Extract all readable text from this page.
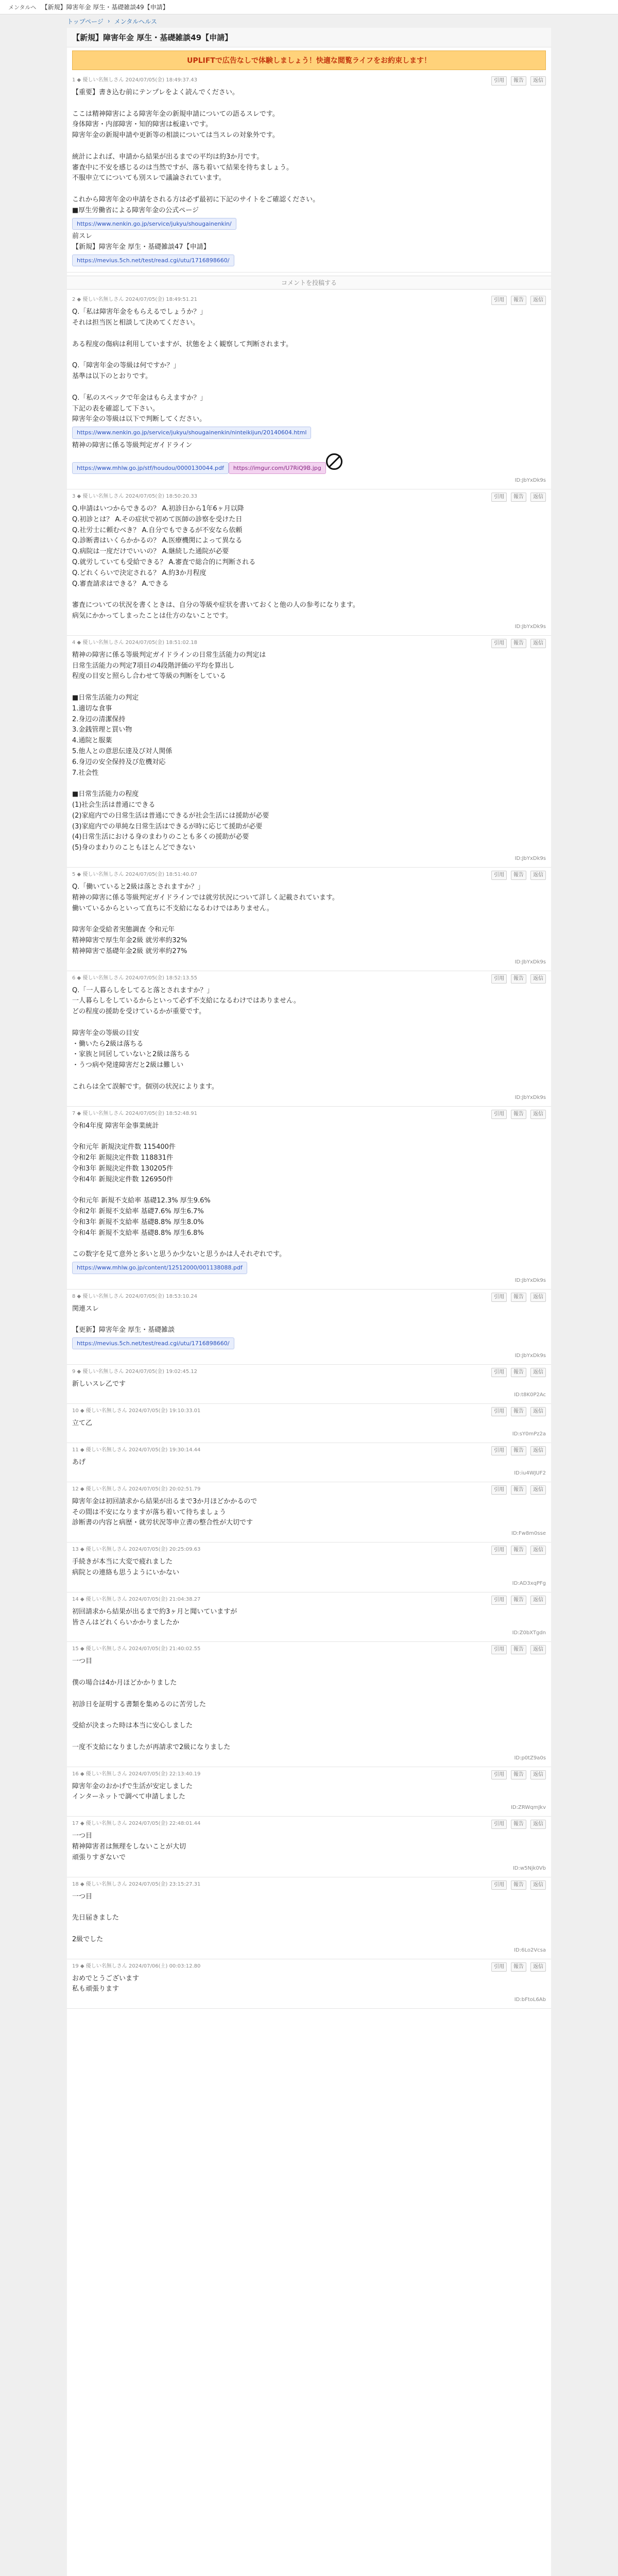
メンタルヘ 【新規】障害年金 厚生・基礎雑談49【申請】
トップページ › メンタルヘルス
【新規】障害年金 厚生・基礎雑談49【申請】
UPLIFTで広告なしで体験しましょう！快適な閲覧ライフをお約束します！
1 ◆ 優しい名無しさん 2024/07/05(金) 18:49:37.43	引用	報告	返信
【重要】書き込む前にテンプレをよく読んでください。

ここは精神障害による障害年金の新規申請についての語るスレです。
身体障害・内部障害・知的障害は板違いです。
障害年金の新規申請や更新等の相談については当スレの対象外です。

統計によれば、申請から結果が出るまでの平均は約3か月です。
審査中に不安を感じるのは当然ですが、落ち着いて結果を待ちましょう。
不服申立てについても別スレで議論されています。

これから障害年金の申請をされる方は必ず最初に下記のサイトをご確認ください。
■厚生労働省による障害年金の公式ページ
https://www.nenkin.go.jp/service/jukyu/shougainenkin/
前スレ
【新規】障害年金 厚生・基礎雑談47【申請】
https://mevius.5ch.net/test/read.cgi/utu/1716898660/
コメントを投稿する
2 ◆ 優しい名無しさん 2024/07/05(金) 18:49:51.21	引用	報告	返信
Q.「私は障害年金をもらえるでしょうか？」
それは担当医と相談して決めてください。

ある程度の傷病は利用していますが、状態をよく観察して判断されます。

Q.「障害年金の等級は何ですか？」
基準は以下のとおりです。

Q.「私のスペックで年金はもらえますか？」
下記の表を確認して下さい。
障害年金の等級は以下で判断してください。
https://www.nenkin.go.jp/service/jukyu/shougainenkin/ninteikijun/20140604.html
精神の障害に係る等級判定ガイドライン
https://www.mhlw.go.jp/stf/houdou/0000130044.pdf https://imgur.com/U7RiQ9B.jpg
ID:JbYxDk9s
3 ◆ 優しい名無しさん 2024/07/05(金) 18:50:20.33	引用	報告	返信
Q.申請はいつからできるの？ A.初診日から1年6ヶ月以降
Q.初診とは？ A.その症状で初めて医師の診察を受けた日
Q.社労士に頼むべき？ A.自分でもできるが不安なら依頼
Q.診断書はいくらかかるの？ A.医療機関によって異なる
Q.病院は一度だけでいいの？ A.継続した通院が必要
Q.就労していても受給できる？ A.審査で総合的に判断される
Q.どれくらいで決定される？ A.約3か月程度
Q.審査請求はできる？ A.できる

審査についての状況を書くときは、自分の等級や症状を書いておくと他の人の参考になります。
病気にかかってしまったことは仕方のないことです。
ID:JbYxDk9s
4 ◆ 優しい名無しさん 2024/07/05(金) 18:51:02.18	引用	報告	返信
精神の障害に係る等級判定ガイドラインの日常生活能力の判定は
日常生活能力の判定7項目の4段階評価の平均を算出し
程度の目安と照らし合わせて等級の判断をしている

■日常生活能力の判定
1.適切な食事
2.身辺の清潔保持
3.金銭管理と買い物
4.通院と服薬
5.他人との意思伝達及び対人関係
6.身辺の安全保持及び危機対応
7.社会性

■日常生活能力の程度
(1)社会生活は普通にできる
(2)家庭内での日常生活は普通にできるが社会生活には援助が必要
(3)家庭内での単純な日常生活はできるが時に応じて援助が必要
(4)日常生活における身のまわりのことも多くの援助が必要
(5)身のまわりのこともほとんどできない
ID:JbYxDk9s
5 ◆ 優しい名無しさん 2024/07/05(金) 18:51:40.07	引用	報告	返信
Q.「働いていると2級は落とされますか？」
精神の障害に係る等級判定ガイドラインでは就労状況について詳しく記載されています。
働いているからといって直ちに不支給になるわけではありません。

障害年金受給者実態調査 令和元年
精神障害で厚生年金2級 就労率約32%
精神障害で基礎年金2級 就労率約27%
ID:JbYxDk9s
6 ◆ 優しい名無しさん 2024/07/05(金) 18:52:13.55	引用	報告	返信
Q.「一人暮らしをしてると落とされますか？」
一人暮らしをしているからといって必ず不支給になるわけではありません。
どの程度の援助を受けているかが重要です。

障害年金の等級の目安
・働いたら2級は落ちる
・家族と同居していないと2級は落ちる
・うつ病や発達障害だと2級は難しい

これらは全て誤解です。個別の状況によります。
ID:JbYxDk9s
7 ◆ 優しい名無しさん 2024/07/05(金) 18:52:48.91	引用	報告	返信
令和4年度 障害年金事業統計

令和元年 新規決定件数 115400件
令和2年 新規決定件数 118831件
令和3年 新規決定件数 130205件
令和4年 新規決定件数 126950件

令和元年 新規不支給率 基礎12.3% 厚生9.6%
令和2年 新規不支給率 基礎7.6% 厚生6.7%
令和3年 新規不支給率 基礎8.8% 厚生8.0%
令和4年 新規不支給率 基礎8.8% 厚生6.8%

この数字を見て意外と多いと思うか少ないと思うかは人それぞれです。
https://www.mhlw.go.jp/content/12512000/001138088.pdf
ID:JbYxDk9s
8 ◆ 優しい名無しさん 2024/07/05(金) 18:53:10.24	引用	報告	返信
関連スレ

【更新】障害年金 厚生・基礎雑談

https://mevius.5ch.net/test/read.cgi/utu/1716898660/
ID:JbYxDk9s
9 ◆ 優しい名無しさん 2024/07/05(金) 19:02:45.12	引用	報告	返信
新しいスレ乙です
ID:t8K0P2Ac
10 ◆ 優しい名無しさん 2024/07/05(金) 19:10:33.01	引用	報告	返信
立て乙
ID:sY0mPz2a
11 ◆ 優しい名無しさん 2024/07/05(金) 19:30:14.44	引用	報告	返信
あげ
ID:iu4WJUF2
12 ◆ 優しい名無しさん 2024/07/05(金) 20:02:51.79	引用	報告	返信
障害年金は初回請求から結果が出るまで3か月ほどかかるので
その間は不安になりますが落ち着いて待ちましょう
診断書の内容と病歴・就労状況等申立書の整合性が大切です
ID:Fw8m0sse
13 ◆ 優しい名無しさん 2024/07/05(金) 20:25:09.63	引用	報告	返信
手続きが本当に大変で疲れました
病院との連絡も思うようにいかない
ID:AD3xqPFg
14 ◆ 優しい名無しさん 2024/07/05(金) 21:04:38.27	引用	報告	返信
初回請求から結果が出るまで約3ヶ月と聞いていますが
皆さんはどれくらいかかりましたか
ID:Z0bXTgdn
15 ◆ 優しい名無しさん 2024/07/05(金) 21:40:02.55	引用	報告	返信
一つ目

僕の場合は4か月ほどかかりました

初診日を証明する書類を集めるのに苦労した

受給が決まった時は本当に安心しました

一度不支給になりましたが再請求で2級になりました
ID:p0tZ9a0s
16 ◆ 優しい名無しさん 2024/07/05(金) 22:13:40.19	引用	報告	返信
障害年金のおかげで生活が安定しました
インターネットで調べて申請しました
ID:ZRWqmJkv
17 ◆ 優しい名無しさん 2024/07/05(金) 22:48:01.44	引用	報告	返信
一つ目
精神障害者は無理をしないことが大切
頑張りすぎないで
ID:w5Njk0Vb
18 ◆ 優しい名無しさん 2024/07/05(金) 23:15:27.31	引用	報告	返信
一つ目

先日届きました

2級でした
ID:6Lo2Vcsa
19 ◆ 優しい名無しさん 2024/07/06(土) 00:03:12.80	引用	報告	返信
おめでとうございます
私も頑張ります
ID:bFtoL6Ab
